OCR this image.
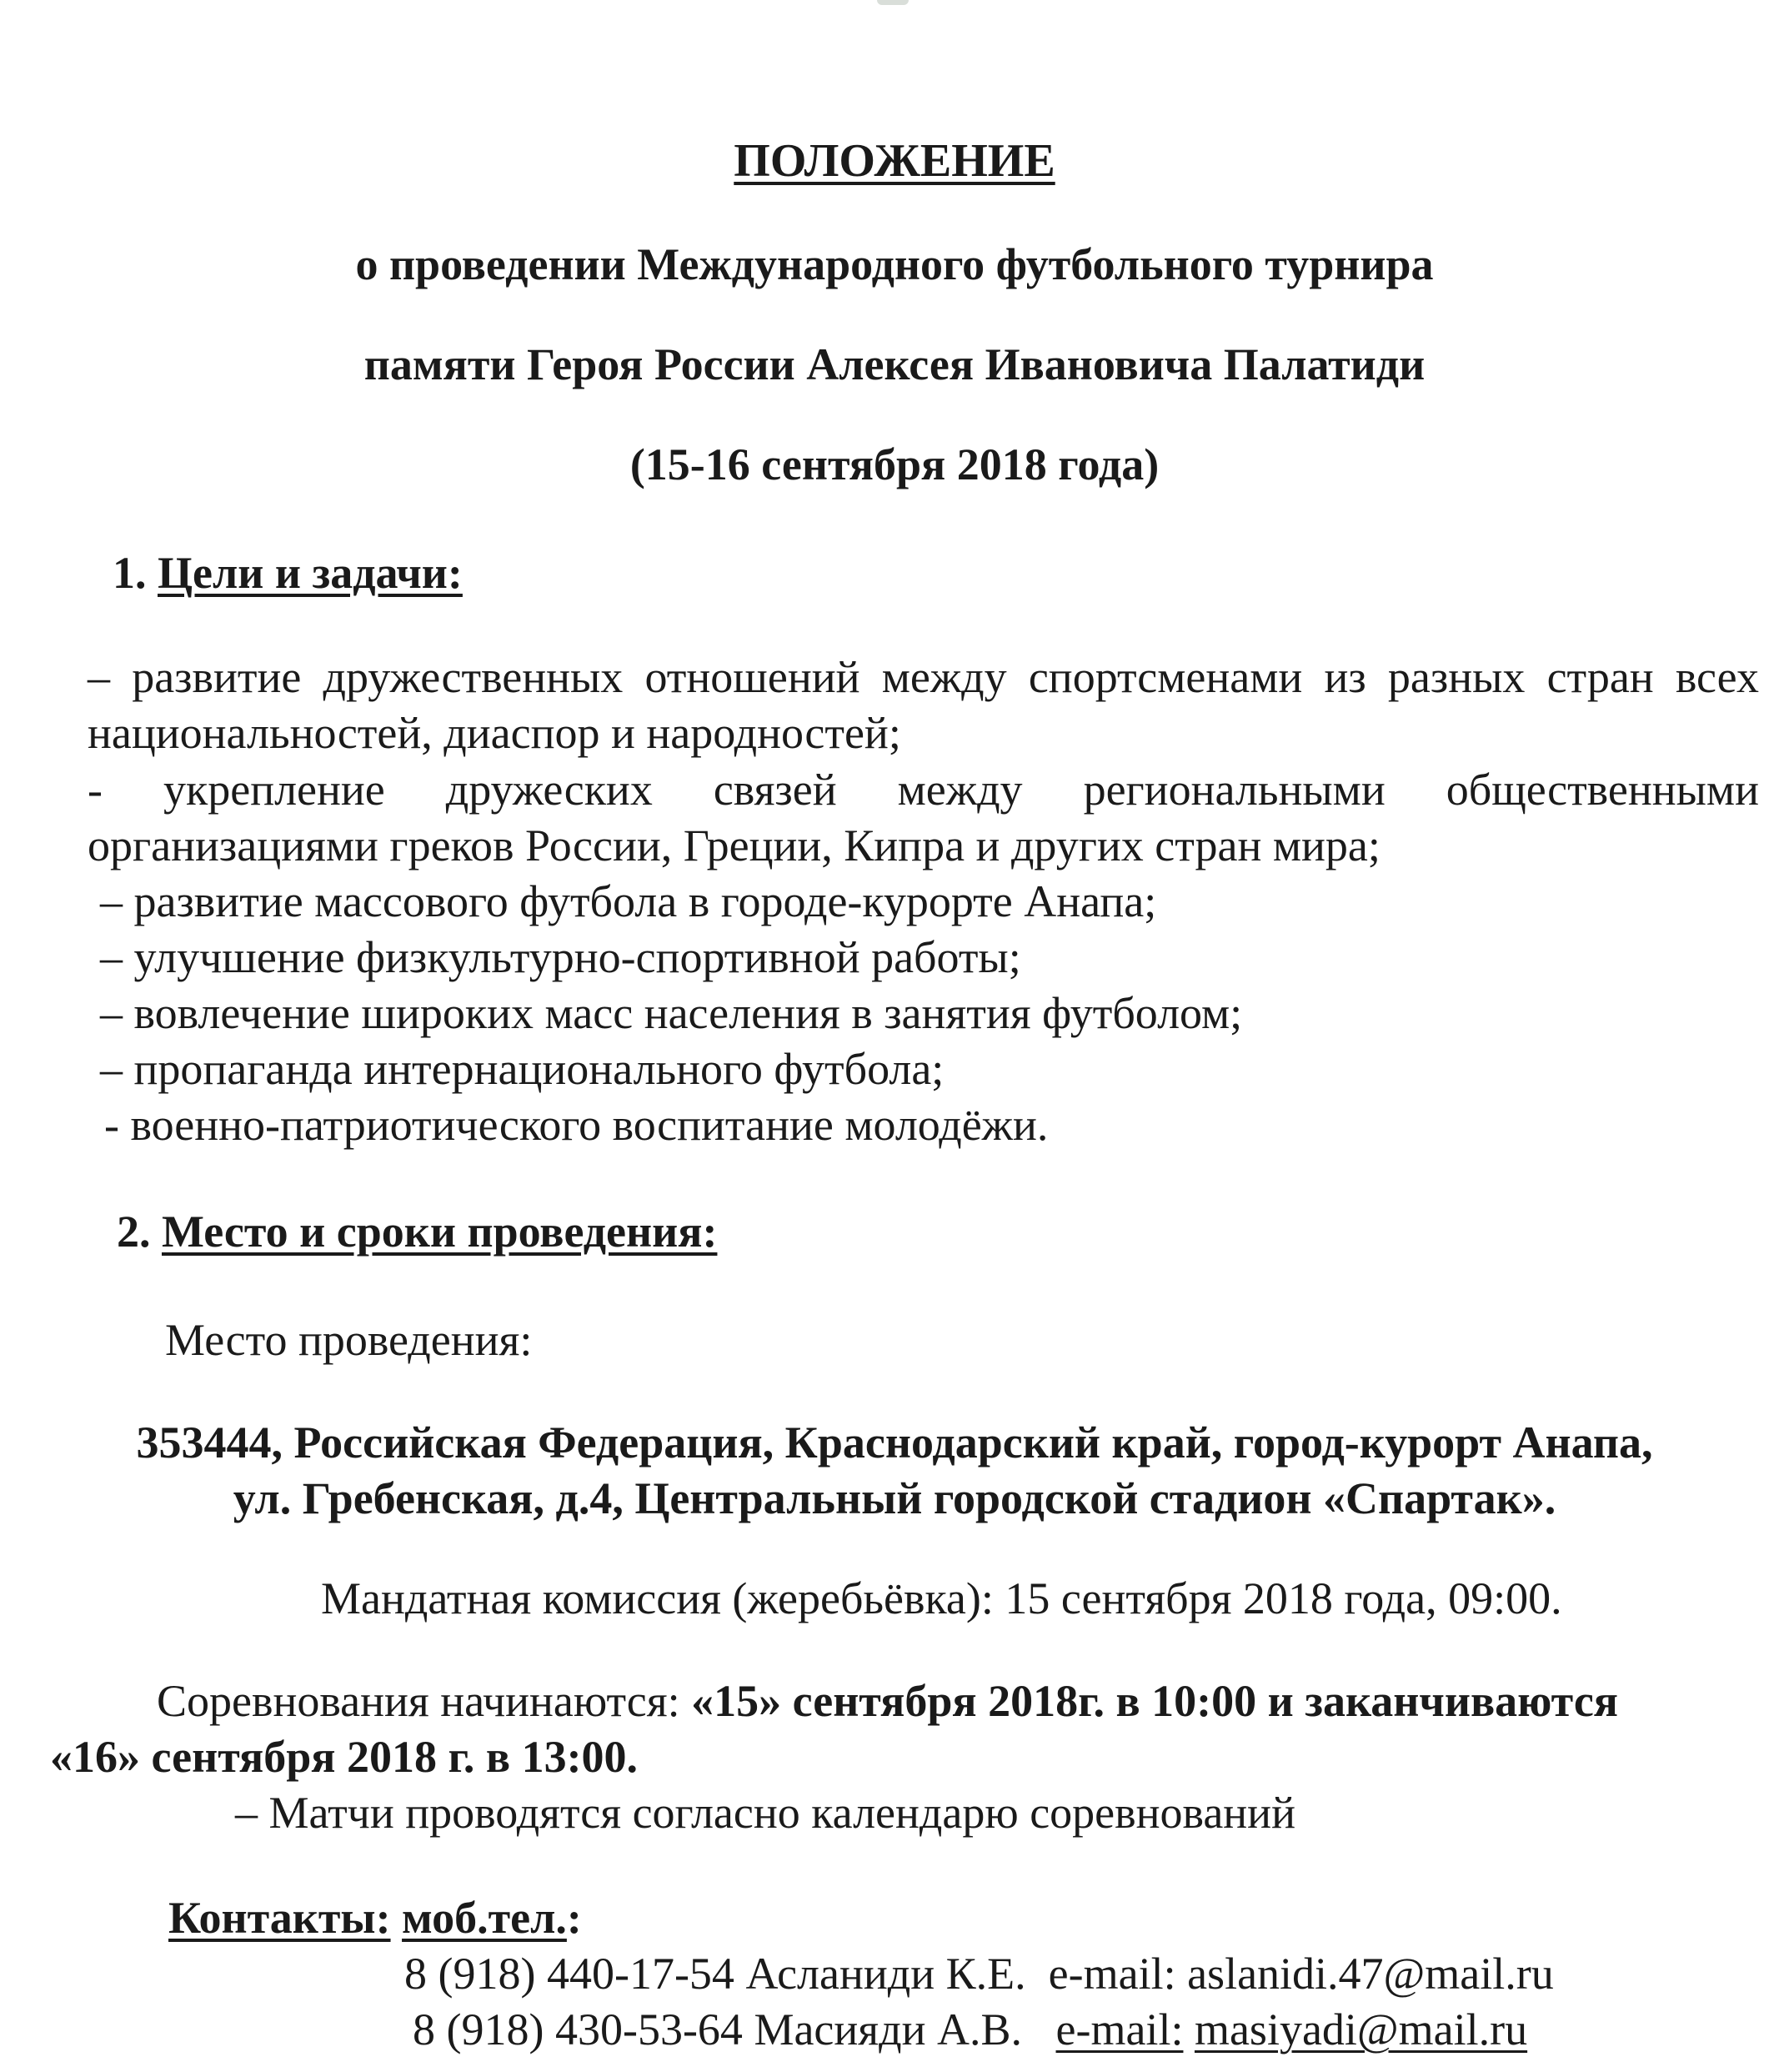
ПОЛОЖЕНИЕ
о проведении Международного футбольного турнира
памяти Героя России Алексея Ивановича Палатиди
(15-16 сентября 2018 года)
1. Цели и задачи:
– развитие дружественных отношений между спортсменами из разных стран всех
национальностей, диаспор и народностей;
- укрепление дружеских связей между региональными общественными
организациями греков России, Греции, Кипра и других стран мира;
– развитие массового футбола в городе-курорте Анапа;
– улучшение физкультурно-спортивной работы;
– вовлечение широких масс населения в занятия футболом;
– пропаганда интернационального футбола;
- военно-патриотического воспитание молодёжи.
2. Место и сроки проведения:
Место проведения:
353444, Российская Федерация, Краснодарский край, город-курорт Анапа,
ул. Гребенская, д.4, Центральный городской стадион «Спартак».
Мандатная комиссия (жеребьёвка): 15 сентября 2018 года, 09:00.
Соревнования начинаются: «15» сентября 2018г. в 10:00 и заканчиваются
«16» сентября 2018 г. в 13:00.
– Матчи проводятся согласно календарю соревнований
Контакты: моб.тел.:
8 (918) 440-17-54 Асланиди К.Е. e-mail: aslanidi.47@mail.ru
8 (918) 430-53-64 Масияди А.В. e-mail: masiyadi@mail.ru
